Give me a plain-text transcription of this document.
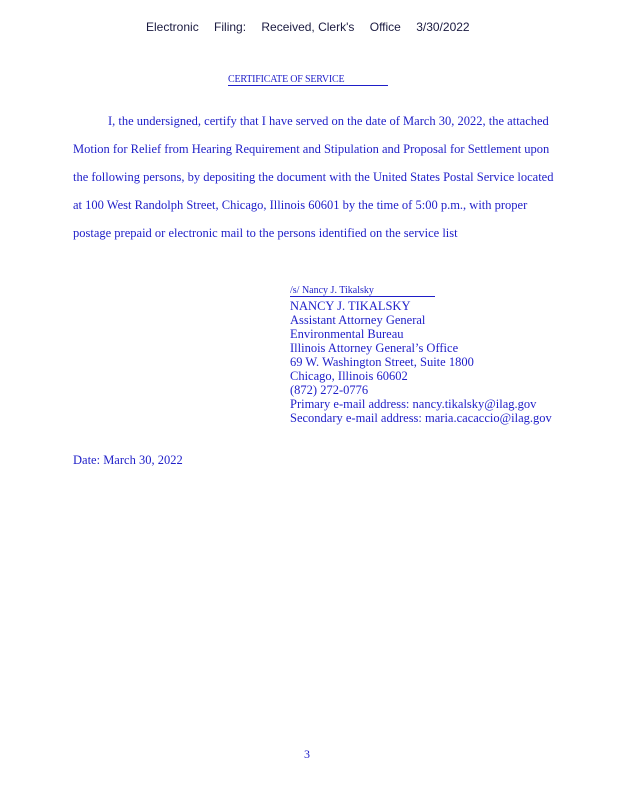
Electronic Filing: Received, Clerk's Office 3/30/2022
CERTIFICATE OF SERVICE
I, the undersigned, certify that I have served on the date of March 30, 2022, the attached
Motion for Relief from Hearing Requirement and Stipulation and Proposal for Settlement upon
the following persons, by depositing the document with the United States Postal Service located
at 100 West Randolph Street, Chicago, Illinois 60601 by the time of 5:00 p.m., with proper
postage prepaid or electronic mail to the persons identified on the service list
/s/ Nancy J. Tikalsky
NANCY J. TIKALSKY
Assistant Attorney General
Environmental Bureau
Illinois Attorney General’s Office
69 W. Washington Street, Suite 1800
Chicago, Illinois 60602
(872) 272-0776
Primary e-mail address: nancy.tikalsky@ilag.gov
Secondary e-mail address: maria.cacaccio@ilag.gov
Date: March 30, 2022
3
